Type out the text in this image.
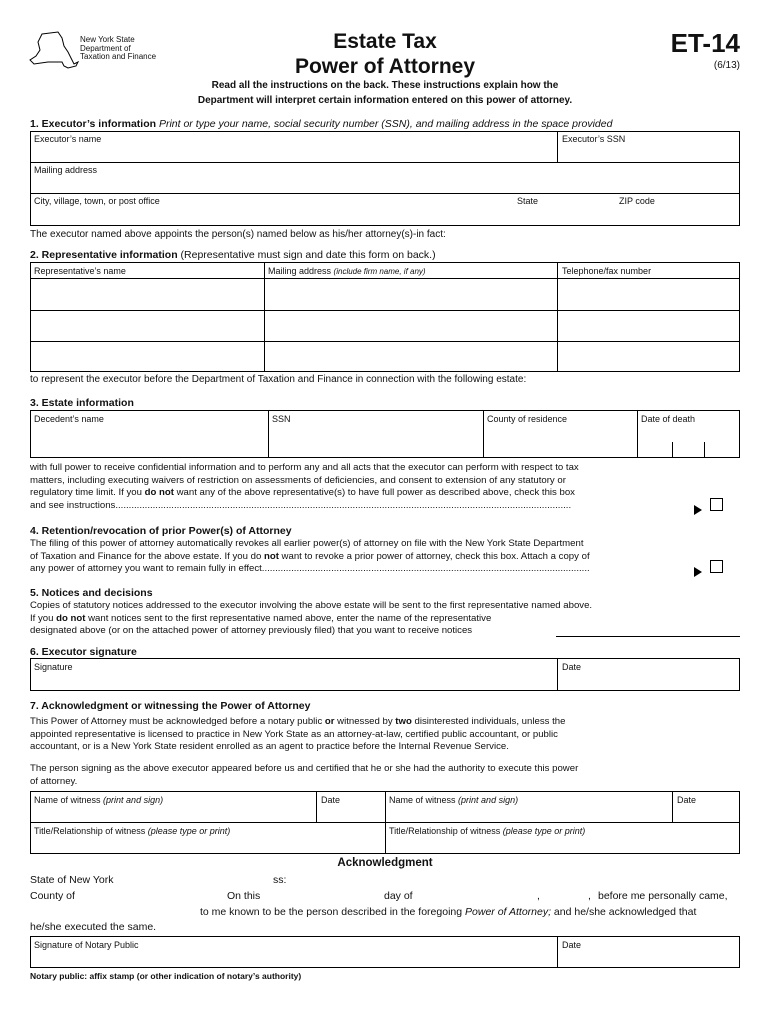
New York State
Department of
Taxation and Finance
Estate Tax
Power of Attorney
ET-14
(6/13)
Read all the instructions on the back. These instructions explain how the
Department will interpret certain information entered on this power of attorney.
1. Executor’s information Print or type your name, social security number (SSN), and mailing address in the space provided
Executor’s name	Executor’s SSN
Mailing address
City, village, town, or post office	State	ZIP code
The executor named above appoints the person(s) named below as his/her attorney(s)-in fact:
2. Representative information (Representative must sign and date this form on back.)
Representative’s name	Mailing address (include firm name, if any)	Telephone/fax number
to represent the executor before the Department of Taxation and Finance in connection with the following estate:
3. Estate information
Decedent’s name	SSN	County of residence	Date of death
with full power to receive confidential information and to perform any and all acts that the executor can perform with respect to tax
matters, including executing waivers of restriction on assessments of deficiencies, and consent to extension of any statutory or
regulatory time limit. If you do not want any of the above representative(s) to have full power as described above, check this box
and see instructions...........................................................................................................................................................................
4. Retention/revocation of prior Power(s) of Attorney
The filing of this power of attorney automatically revokes all earlier power(s) of attorney on file with the New York State Department
of Taxation and Finance for the above estate. If you do not want to revoke a prior power of attorney, check this box. Attach a copy of
any power of attorney you want to remain fully in effect...........................................................................................................................
5. Notices and decisions
Copies of statutory notices addressed to the executor involving the above estate will be sent to the first representative named above.
If you do not want notices sent to the first representative named above, enter the name of the representative
designated above (or on the attached power of attorney previously filed) that you want to receive notices
6. Executor signature
Signature	Date
7. Acknowledgment or witnessing the Power of Attorney
This Power of Attorney must be acknowledged before a notary public or witnessed by two disinterested individuals, unless the
appointed representative is licensed to practice in New York State as an attorney-at-law, certified public accountant, or public
accountant, or is a New York State resident enrolled as an agent to practice before the Internal Revenue Service.
The person signing as the above executor appeared before us and certified that he or she had the authority to execute this power
of attorney.
Name of witness (print and sign)	Date	Name of witness (print and sign)	Date
Title/Relationship of witness (please type or print)	Title/Relationship of witness (please type or print)
Acknowledgment
State of New York	ss:
County of	On this	day of	,	, before me personally came,
to me known to be the person described in the foregoing Power of Attorney; and he/she acknowledged that
he/she executed the same.
Signature of Notary Public	Date
Notary public: affix stamp (or other indication of notary’s authority)
